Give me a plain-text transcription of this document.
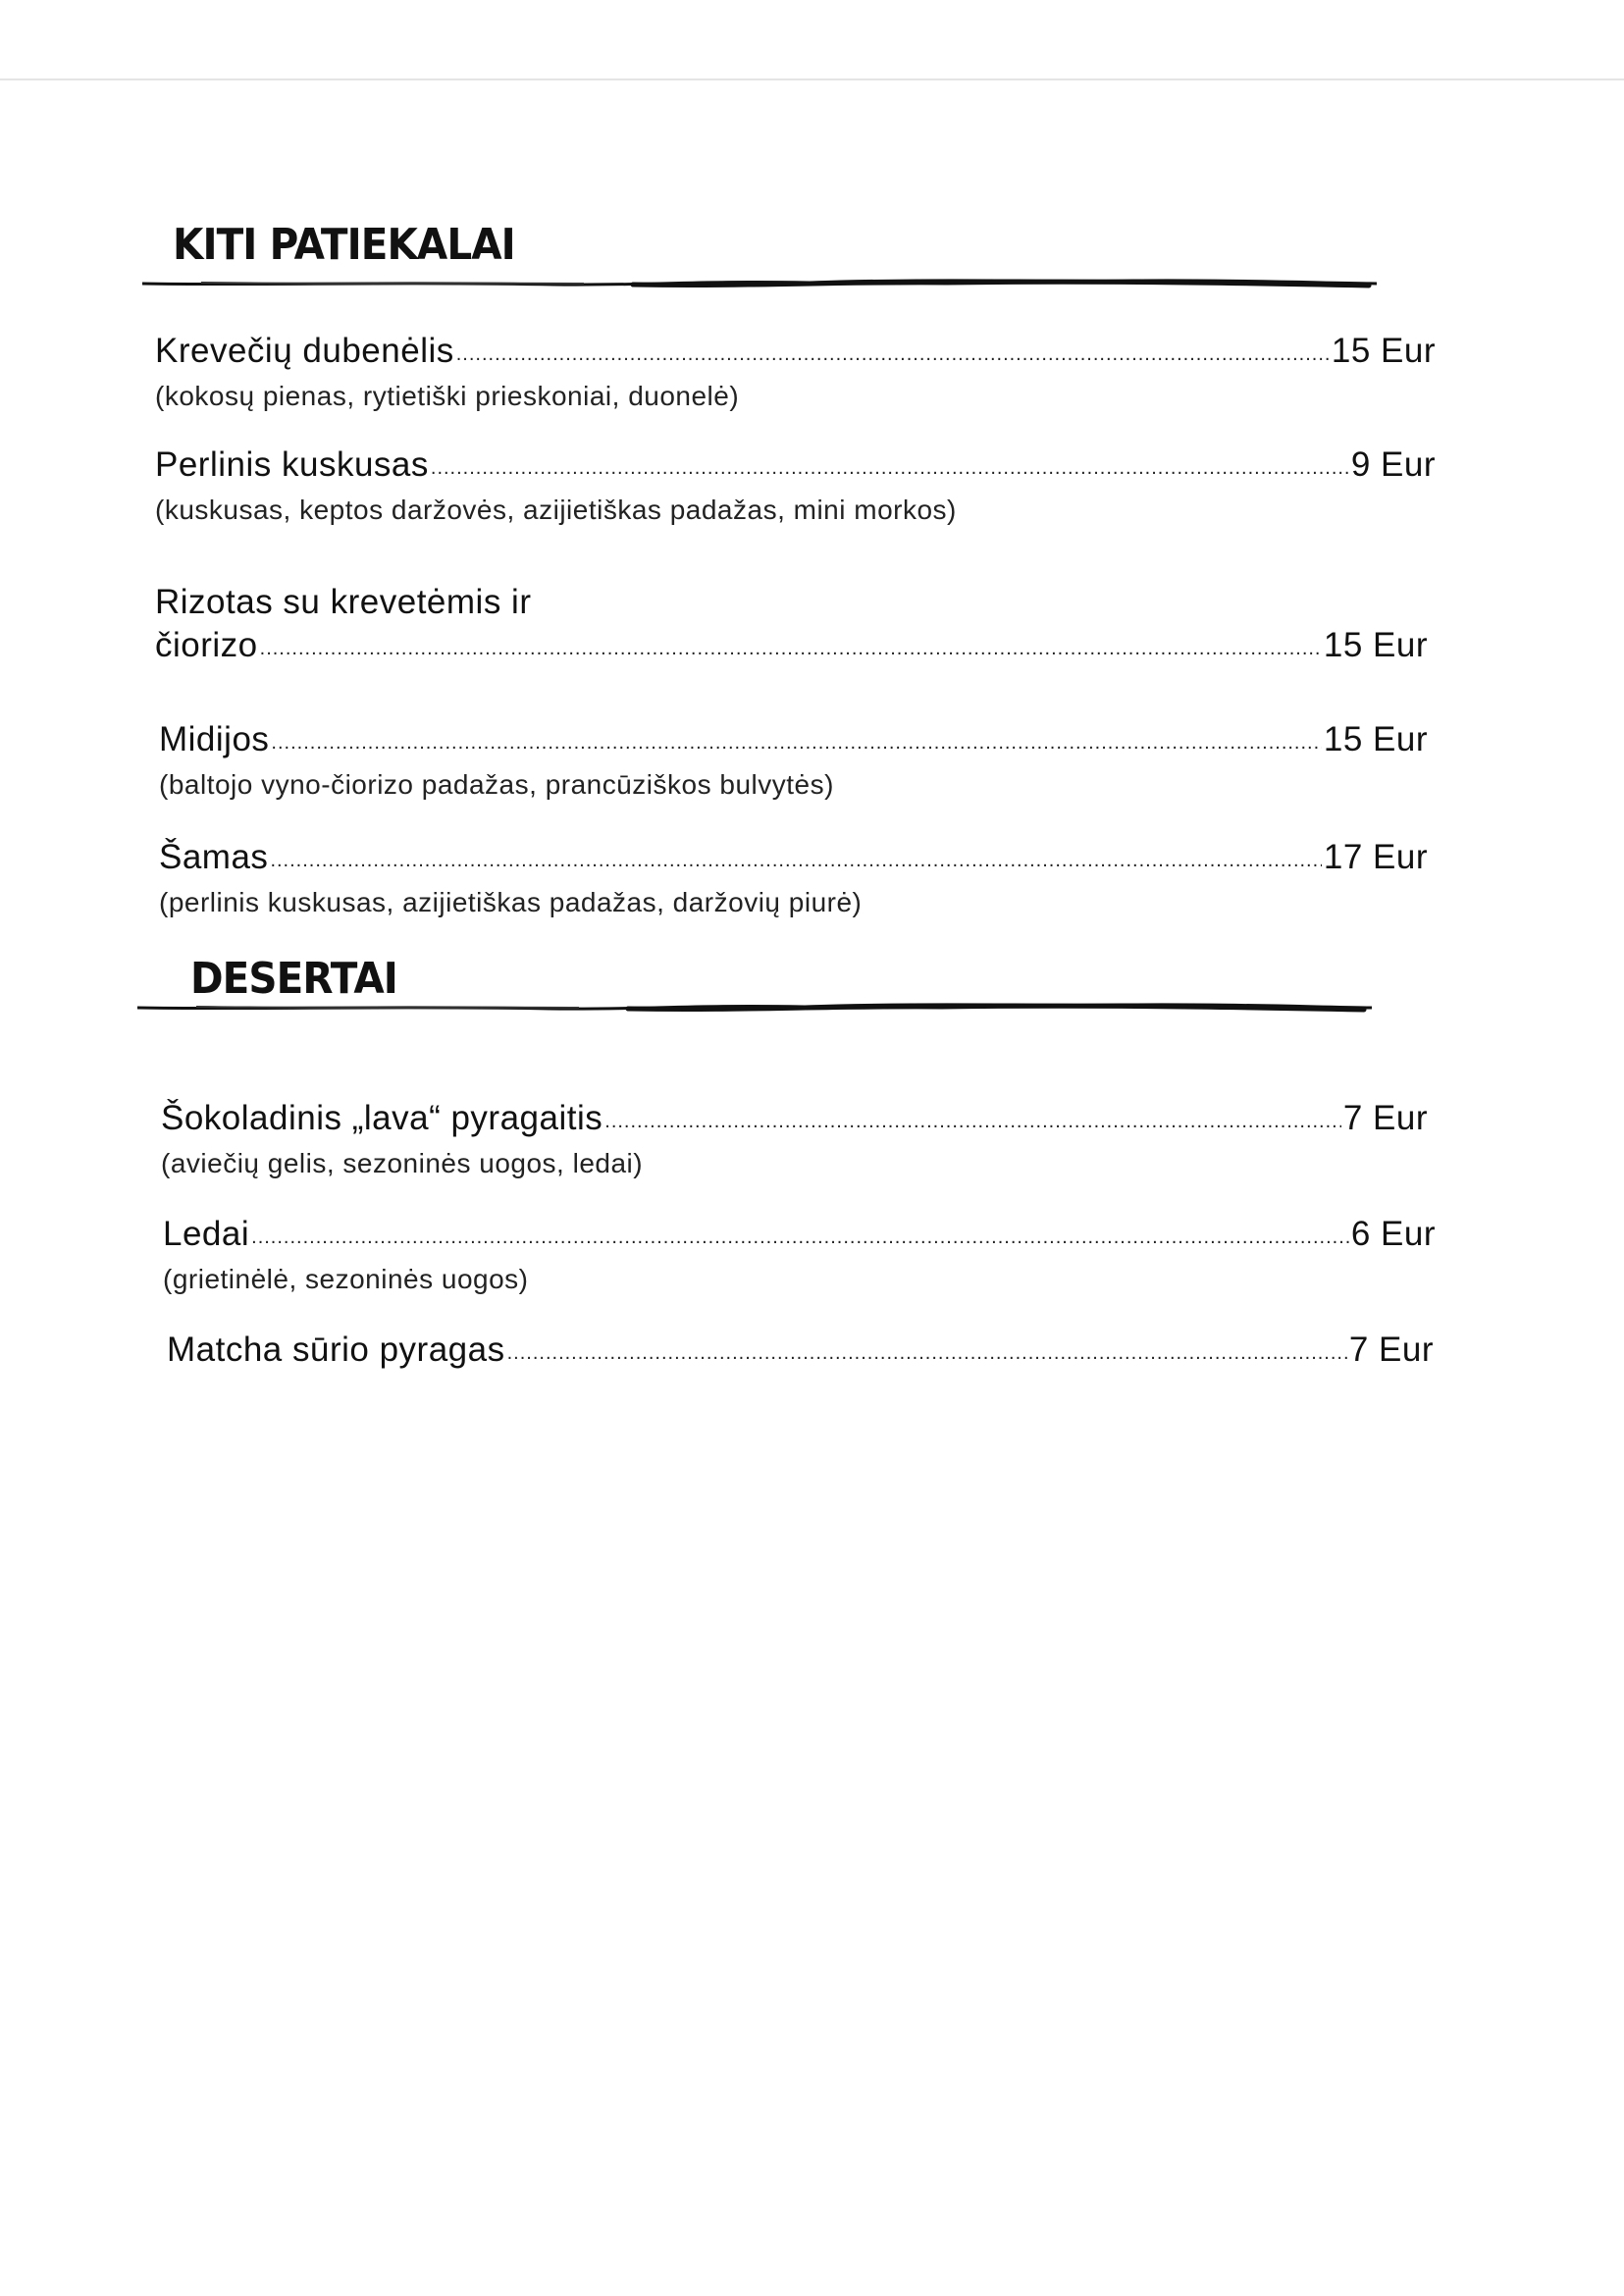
KITI PATIEKALAI
Krevečių dubenėlis .....	15 Eur
(kokosų pienas, rytietiški prieskoniai, duonelė)
Perlinis kuskusas .....	9 Eur
(kuskusas, keptos daržovės, azijietiškas padažas, mini morkos)
Rizotas su krevetėmis ir
čiorizo .....	15 Eur
Midijos .....	15 Eur
(baltojo vyno-čiorizo padažas, prancūziškos bulvytės)
Šamas .....	17 Eur
(perlinis kuskusas, azijietiškas padažas, daržovių piurė)
DESERTAI
Šokoladinis „lava“ pyragaitis .....	7 Eur
(aviečių gelis, sezoninės uogos, ledai)
Ledai .....	6 Eur
(grietinėlė, sezoninės uogos)
Matcha sūrio pyragas .....	7 Eur
